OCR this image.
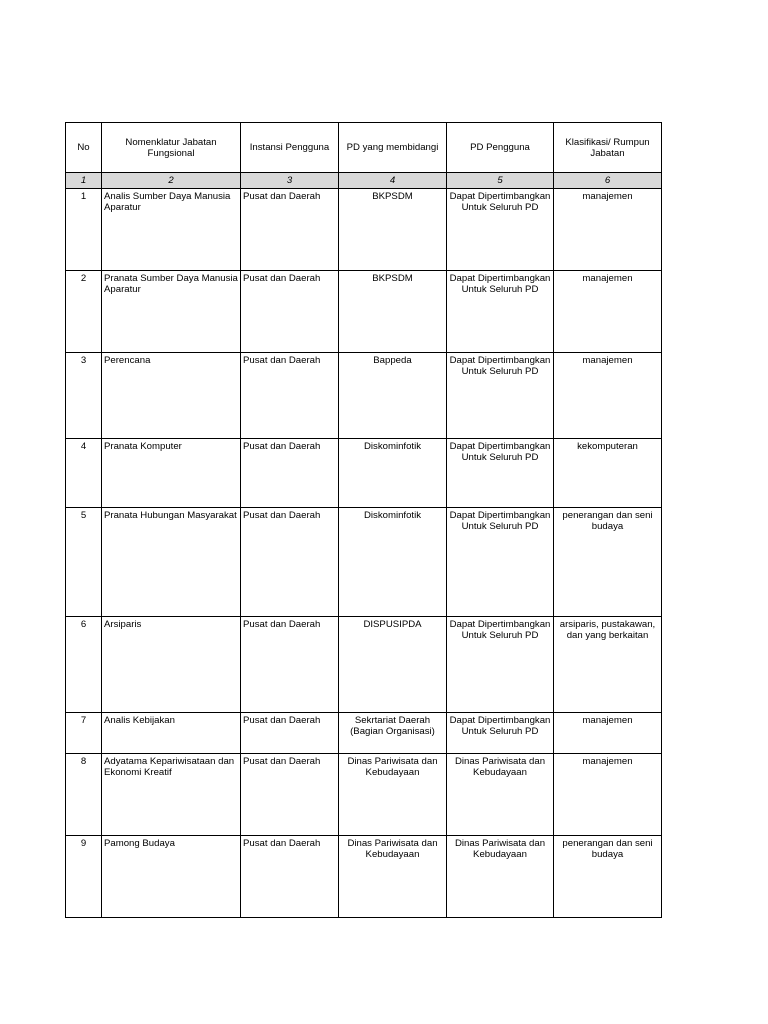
No	Nomenklatur Jabatan Fungsional	Instansi Pengguna	PD yang membidangi	PD Pengguna	Klasifikasi/ Rumpun Jabatan
1	2	3	4	5	6
1	Analis Sumber Daya Manusia Aparatur	Pusat dan Daerah	BKPSDM	Dapat Dipertimbangkan Untuk Seluruh PD	manajemen
2	Pranata Sumber Daya Manusia Aparatur	Pusat dan Daerah	BKPSDM	Dapat Dipertimbangkan Untuk Seluruh PD	manajemen
3	Perencana	Pusat dan Daerah	Bappeda	Dapat Dipertimbangkan Untuk Seluruh PD	manajemen
4	Pranata Komputer	Pusat dan Daerah	Diskominfotik	Dapat Dipertimbangkan Untuk Seluruh PD	kekomputeran
5	Pranata Hubungan Masyarakat	Pusat dan Daerah	Diskominfotik	Dapat Dipertimbangkan Untuk Seluruh PD	penerangan dan seni budaya
6	Arsiparis	Pusat dan Daerah	DISPUSIPDA	Dapat Dipertimbangkan Untuk Seluruh PD	arsiparis, pustakawan, dan yang berkaitan
7	Analis Kebijakan	Pusat dan Daerah	Sekrtariat Daerah (Bagian Organisasi)	Dapat Dipertimbangkan Untuk Seluruh PD	manajemen
8	Adyatama Kepariwisataan dan Ekonomi Kreatif	Pusat dan Daerah	Dinas Pariwisata dan Kebudayaan	Dinas Pariwisata dan Kebudayaan	manajemen
9	Pamong Budaya	Pusat dan Daerah	Dinas Pariwisata dan Kebudayaan	Dinas Pariwisata dan Kebudayaan	penerangan dan seni budaya
